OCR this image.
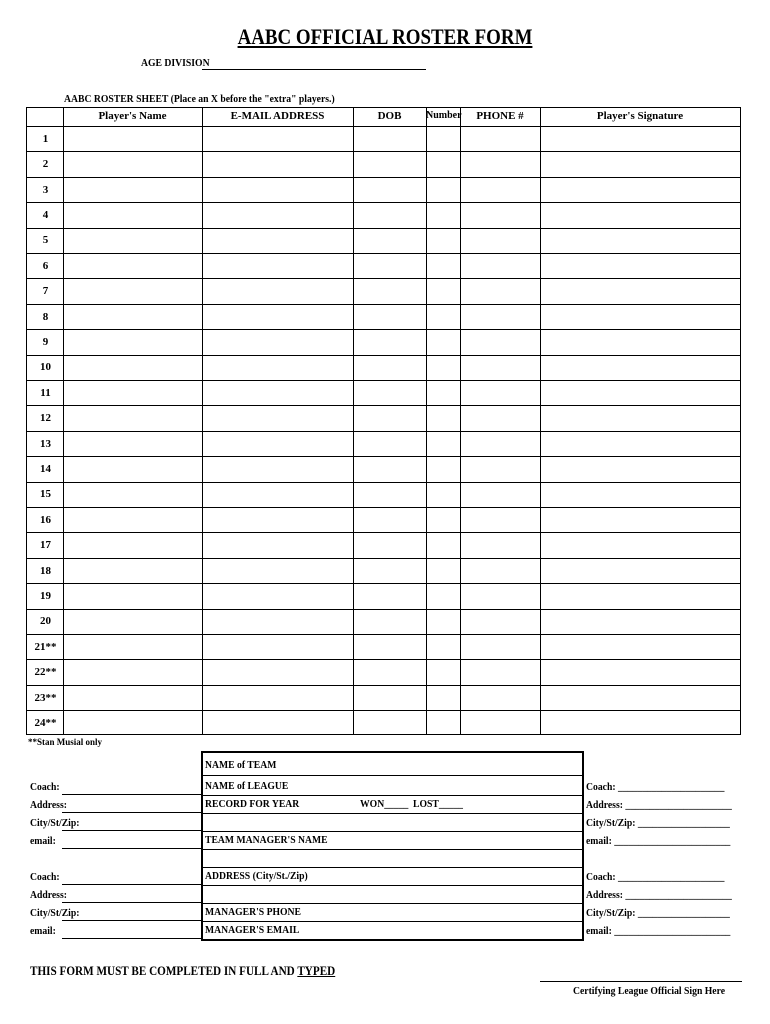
AABC OFFICIAL ROSTER FORM
AGE DIVISION
AABC ROSTER SHEET (Place an X before the "extra" players.)
Player's Name	E-MAIL ADDRESS	DOB	Number	PHONE #	Player's Signature
1
2
3
4
5
6
7
8
9
10
11
12
13
14
15
16
17
18
19
20
21**
22**
23**
24**
**Stan Musial only
Coach:
Address:
City/St/Zip:
email:
Coach:
Address:
City/St/Zip:
email:
NAME of TEAM
NAME of LEAGUE
RECORD FOR YEAR	WON_____ LOST_____
TEAM MANAGER'S NAME
ADDRESS (City/St./Zip)
MANAGER'S PHONE
MANAGER'S EMAIL
Coach: ______________________
Address: ______________________
City/St/Zip: ___________________
email: ________________________
Coach: ______________________
Address: ______________________
City/St/Zip: ___________________
email: ________________________
THIS FORM MUST BE COMPLETED IN FULL AND TYPED
Certifying League Official Sign Here
